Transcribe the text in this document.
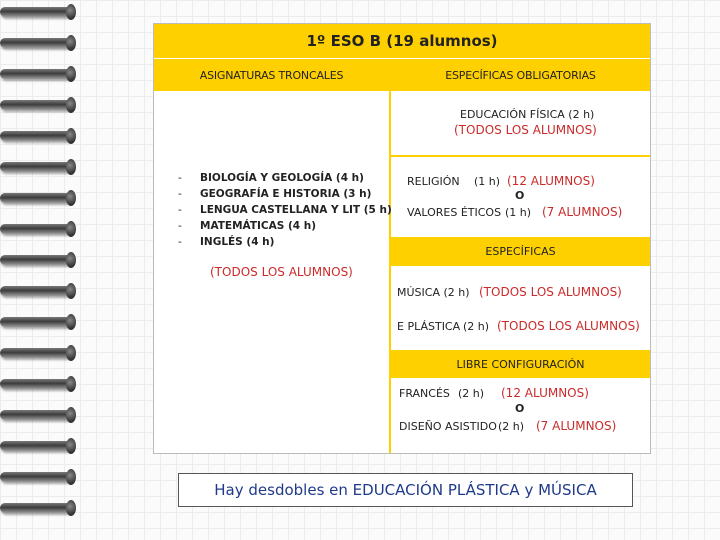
1º ESO B (19 alumnos)
ASIGNATURAS TRONCALES	ESPECÍFICAS OBLIGATORIAS
- BIOLOGÍA Y GEOLOGÍA (4 h)
- GEOGRAFÍA E HISTORIA (3 h)
- LENGUA CASTELLANA Y LIT (5 h)
- MATEMÁTICAS (4 h)
- INGLÉS (4 h)
(TODOS LOS ALUMNOS)
EDUCACIÓN FÍSICA (2 h)
(TODOS LOS ALUMNOS)
RELIGIÓN (1 h) (12 ALUMNOS)
O
VALORES ÉTICOS (1 h) (7 ALUMNOS)
ESPECÍFICAS
MÚSICA (2 h) (TODOS LOS ALUMNOS)
E PLÁSTICA (2 h) (TODOS LOS ALUMNOS)
LIBRE CONFIGURACIÓN
FRANCÉS (2 h) (12 ALUMNOS)
O
DISEÑO ASISTIDO (2 h) (7 ALUMNOS)
Hay desdobles en EDUCACIÓN PLÁSTICA y MÚSICA
